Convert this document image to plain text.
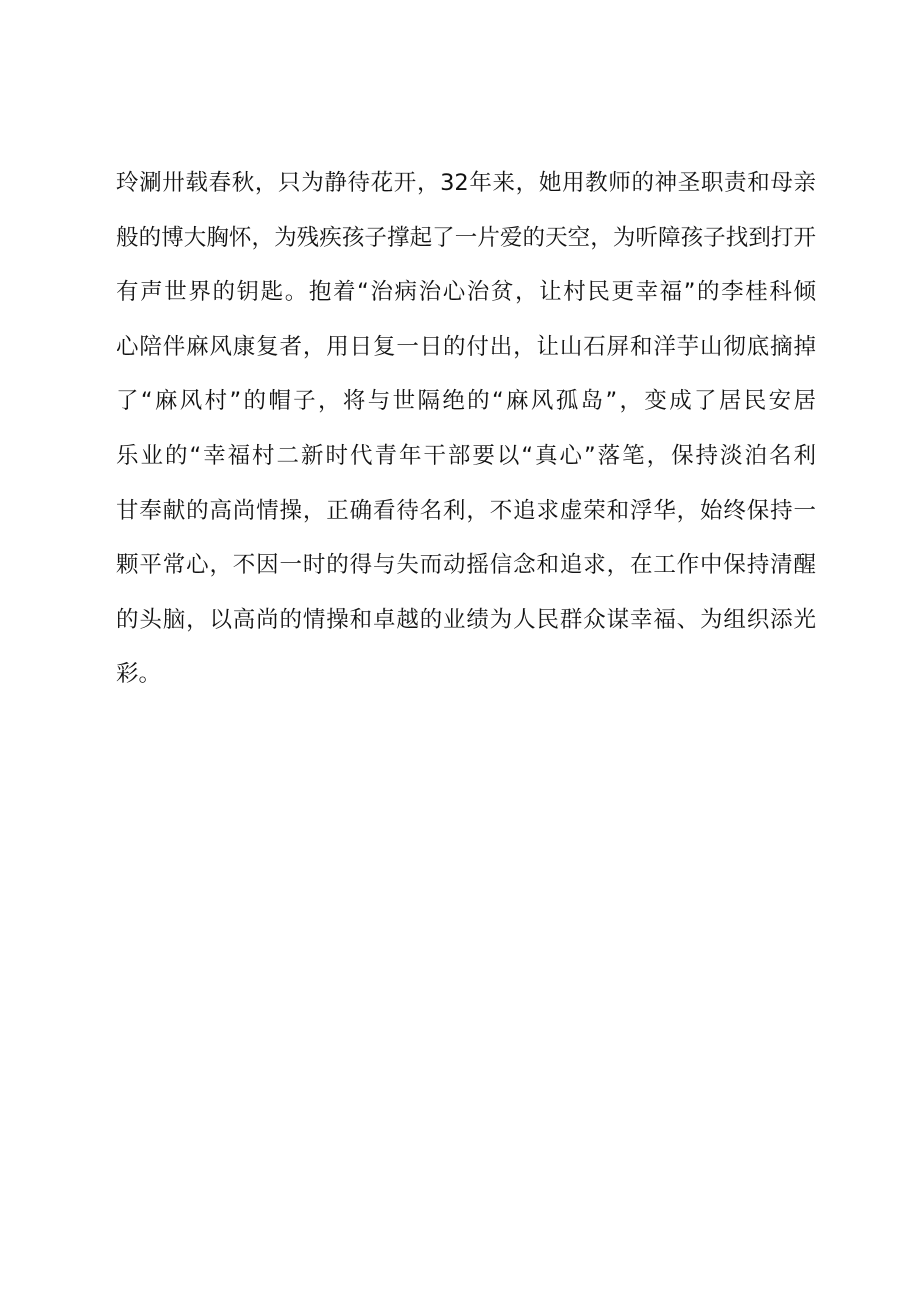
玲涮卅载春秋，只为静待花开，32年来，她用教师的神圣职责和母亲
般的博大胸怀，为残疾孩子撑起了一片爱的天空，为听障孩子找到打开
有声世界的钥匙。抱着“治病治心治贫，让村民更幸福”的李桂科倾
心陪伴麻风康复者，用日复一日的付出，让山石屏和洋芋山彻底摘掉
了“麻风村”的帽子，将与世隔绝的“麻风孤岛”，变成了居民安居
乐业的“幸福村二新时代青年干部要以“真心”落笔，保持淡泊名利
甘奉献的高尚情操，正确看待名利，不追求虚荣和浮华，始终保持一
颗平常心，不因一时的得与失而动摇信念和追求，在工作中保持清醒
的头脑，以高尚的情操和卓越的业绩为人民群众谋幸福、为组织添光
彩。
